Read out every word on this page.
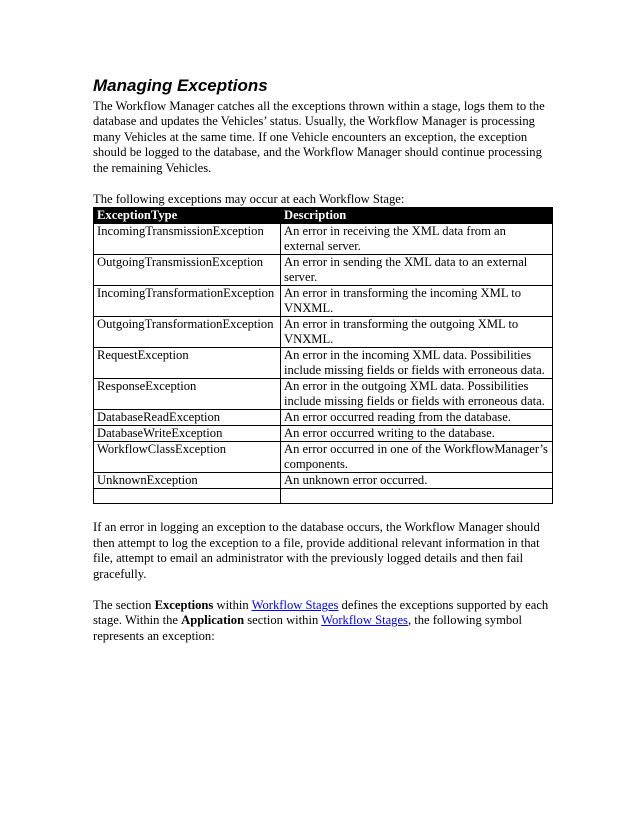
Managing Exceptions

The Workflow Manager catches all the exceptions thrown within a stage, logs them to the database and updates the Vehicles’ status. Usually, the Workflow Manager is processing many Vehicles at the same time. If one Vehicle encounters an exception, the exception should be logged to the database, and the Workflow Manager should continue processing the remaining Vehicles.

The following exceptions may occur at each Workflow Stage:

ExceptionType	Description
IncomingTransmissionException	An error in receiving the XML data from an external server.
OutgoingTransmissionException	An error in sending the XML data to an external server.
IncomingTransformationException	An error in transforming the incoming XML to VNXML.
OutgoingTransformationException	An error in transforming the outgoing XML to VNXML.
RequestException	An error in the incoming XML data. Possibilities include missing fields or fields with erroneous data.
ResponseException	An error in the outgoing XML data. Possibilities include missing fields or fields with erroneous data.
DatabaseReadException	An error occurred reading from the database.
DatabaseWriteException	An error occurred writing to the database.
WorkflowClassException	An error occurred in one of the WorkflowManager’s components.
UnknownException	An unknown error occurred.

If an error in logging an exception to the database occurs, the Workflow Manager should then attempt to log the exception to a file, provide additional relevant information in that file, attempt to email an administrator with the previously logged details and then fail gracefully.

The section Exceptions within Workflow Stages defines the exceptions supported by each stage. Within the Application section within Workflow Stages, the following symbol represents an exception:
